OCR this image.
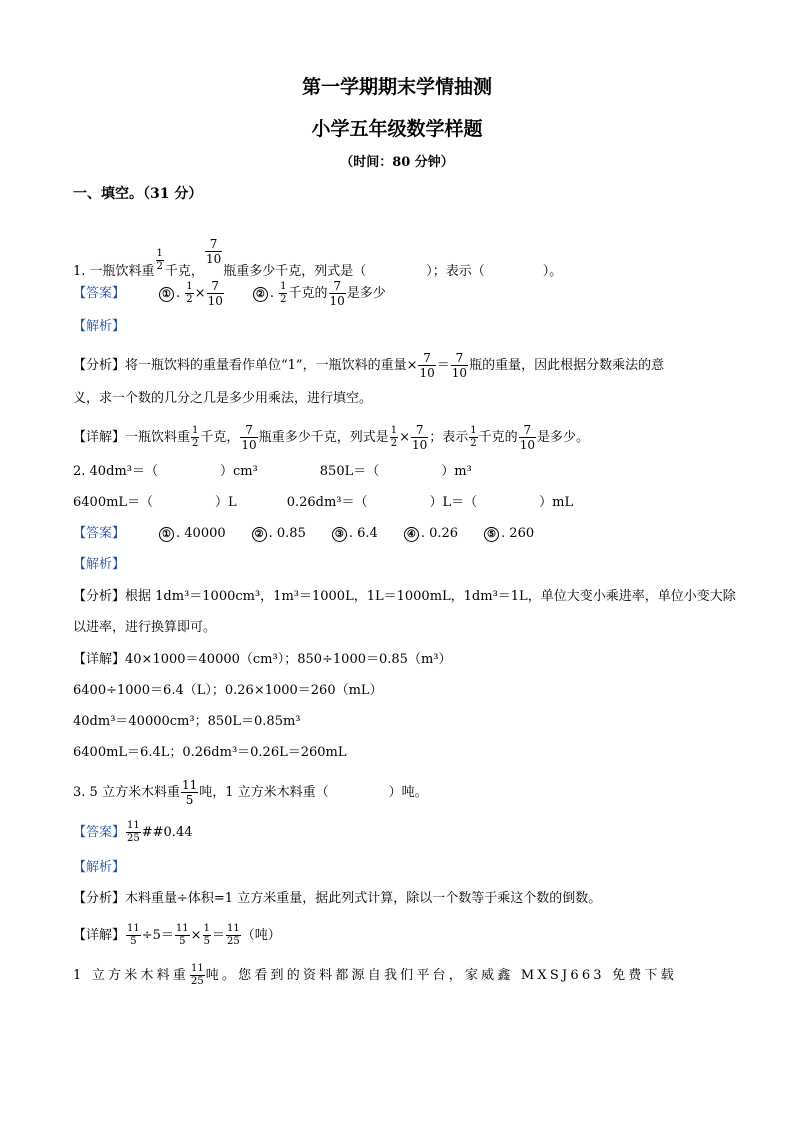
第一学期期末学情抽测
小学五年级数学样题
（时间：80 分钟）
一、填空。（31 分）
1. 一瓶饮料重 $\frac{1}{2}$ 千克，
$\frac{7}{10}$
瓶重多少千克，列式是（	）；表示（	）。
【答案】	① . $\frac{1}{2} \times \frac{7}{10}$	② . $\frac{1}{2}$ 千克的 $\frac{7}{10}$ 是多少
【解析】
【分析】将一瓶饮料的重量看作单位“1”，一瓶饮料的重量× $\frac{7}{10} = \frac{7}{10}$ 瓶的重量，因此根据分数乘法的意
义，求一个数的几分之几是多少用乘法，进行填空。
【详解】一瓶饮料重 $\frac{1}{2}$ 千克， $\frac{7}{10}$ 瓶重多少千克，列式是 $\frac{1}{2} \times \frac{7}{10}$ ；表示 $\frac{1}{2}$ 千克的 $\frac{7}{10}$ 是多少。
2. 40dm³＝（	）cm³	850L＝（	）m³
6400mL＝（	）L	0.26dm³＝（	）L＝（	）mL
【答案】	① . 40000	② . 0.85	③ . 6.4	④ . 0.26	⑤ . 260
【解析】
【分析】根据 1dm³＝1000cm³，1m³＝1000L，1L＝1000mL，1dm³＝1L，单位大变小乘进率，单位小变大除
以进率，进行换算即可。
【详解】40×1000＝40000（cm³）；850÷1000＝0.85（m³）
6400÷1000＝6.4（L）；0.26×1000＝260（mL）
40dm³＝40000cm³；850L＝0.85m³
6400mL＝6.4L；0.26dm³＝0.26L＝260mL
3. 5 立方米木料重 $\frac{11}{5}$ 吨，1 立方米木料重（	）吨。
【答案】 $\frac{11}{25}$ ##0.44
【解析】
【分析】木料重量÷体积=1 立方米重量，据此列式计算，除以一个数等于乘这个数的倒数。
【详解】 $\frac{11}{5} \div 5= \frac{11}{5} \times \frac{1}{5} = \frac{11}{25}$ （吨）
1 立方米木料重 $\frac{11}{25}$ 吨。您看到的资料都源自我们平台，家威鑫 MXSJ663 免费下载
